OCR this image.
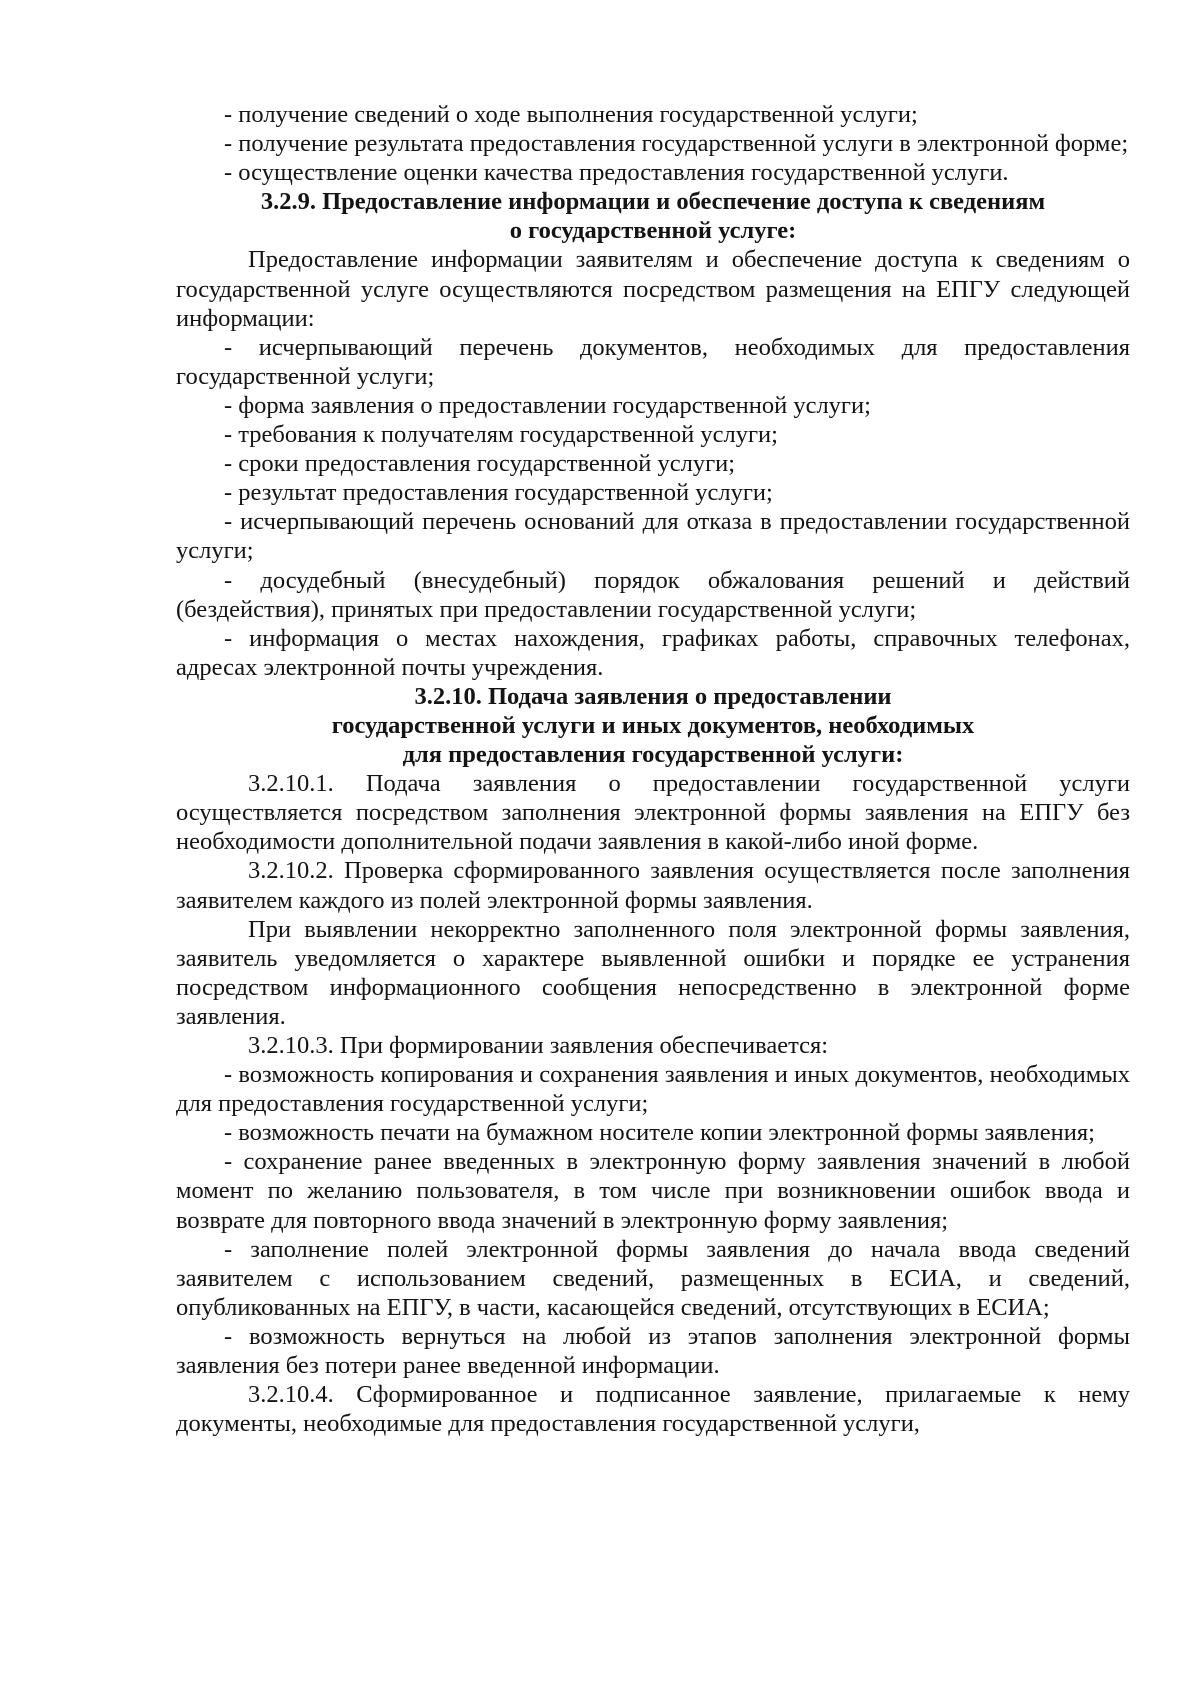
- получение сведений о ходе выполнения государственной услуги;

- получение результата предоставления государственной услуги в электронной форме;

- осуществление оценки качества предоставления государственной услуги.

3.2.9. Предоставление информации и обеспечение доступа к сведениям
о государственной услуге:

Предоставление информации заявителям и обеспечение доступа к сведениям о государственной услуге осуществляются посредством размещения на ЕПГУ следующей информации:

- исчерпывающий перечень документов, необходимых для предоставления государственной услуги;

- форма заявления о предоставлении государственной услуги;

- требования к получателям государственной услуги;

- сроки предоставления государственной услуги;

- результат предоставления государственной услуги;

- исчерпывающий перечень оснований для отказа в предоставлении государственной услуги;

- досудебный (внесудебный) порядок обжалования решений и действий (бездействия), принятых при предоставлении государственной услуги;

- информация о местах нахождения, графиках работы, справочных телефонах, адресах электронной почты учреждения.

3.2.10. Подача заявления о предоставлении
государственной услуги и иных документов, необходимых
для предоставления государственной услуги:

3.2.10.1. Подача заявления о предоставлении государственной услуги осуществляется посредством заполнения электронной формы заявления на ЕПГУ без необходимости дополнительной подачи заявления в какой-либо иной форме.

3.2.10.2. Проверка сформированного заявления осуществляется после заполнения заявителем каждого из полей электронной формы заявления.

При выявлении некорректно заполненного поля электронной формы заявления, заявитель уведомляется о характере выявленной ошибки и порядке ее устранения посредством информационного сообщения непосредственно в электронной форме заявления.

3.2.10.3. При формировании заявления обеспечивается:

- возможность копирования и сохранения заявления и иных документов, необходимых для предоставления государственной услуги;

- возможность печати на бумажном носителе копии электронной формы заявления;

- сохранение ранее введенных в электронную форму заявления значений в любой момент по желанию пользователя, в том числе при возникновении ошибок ввода и возврате для повторного ввода значений в электронную форму заявления;

- заполнение полей электронной формы заявления до начала ввода сведений заявителем с использованием сведений, размещенных в ЕСИА, и сведений, опубликованных на ЕПГУ, в части, касающейся сведений, отсутствующих в ЕСИА;

- возможность вернуться на любой из этапов заполнения электронной формы заявления без потери ранее введенной информации.

3.2.10.4. Сформированное и подписанное заявление, прилагаемые к нему документы, необходимые для предоставления государственной услуги,
